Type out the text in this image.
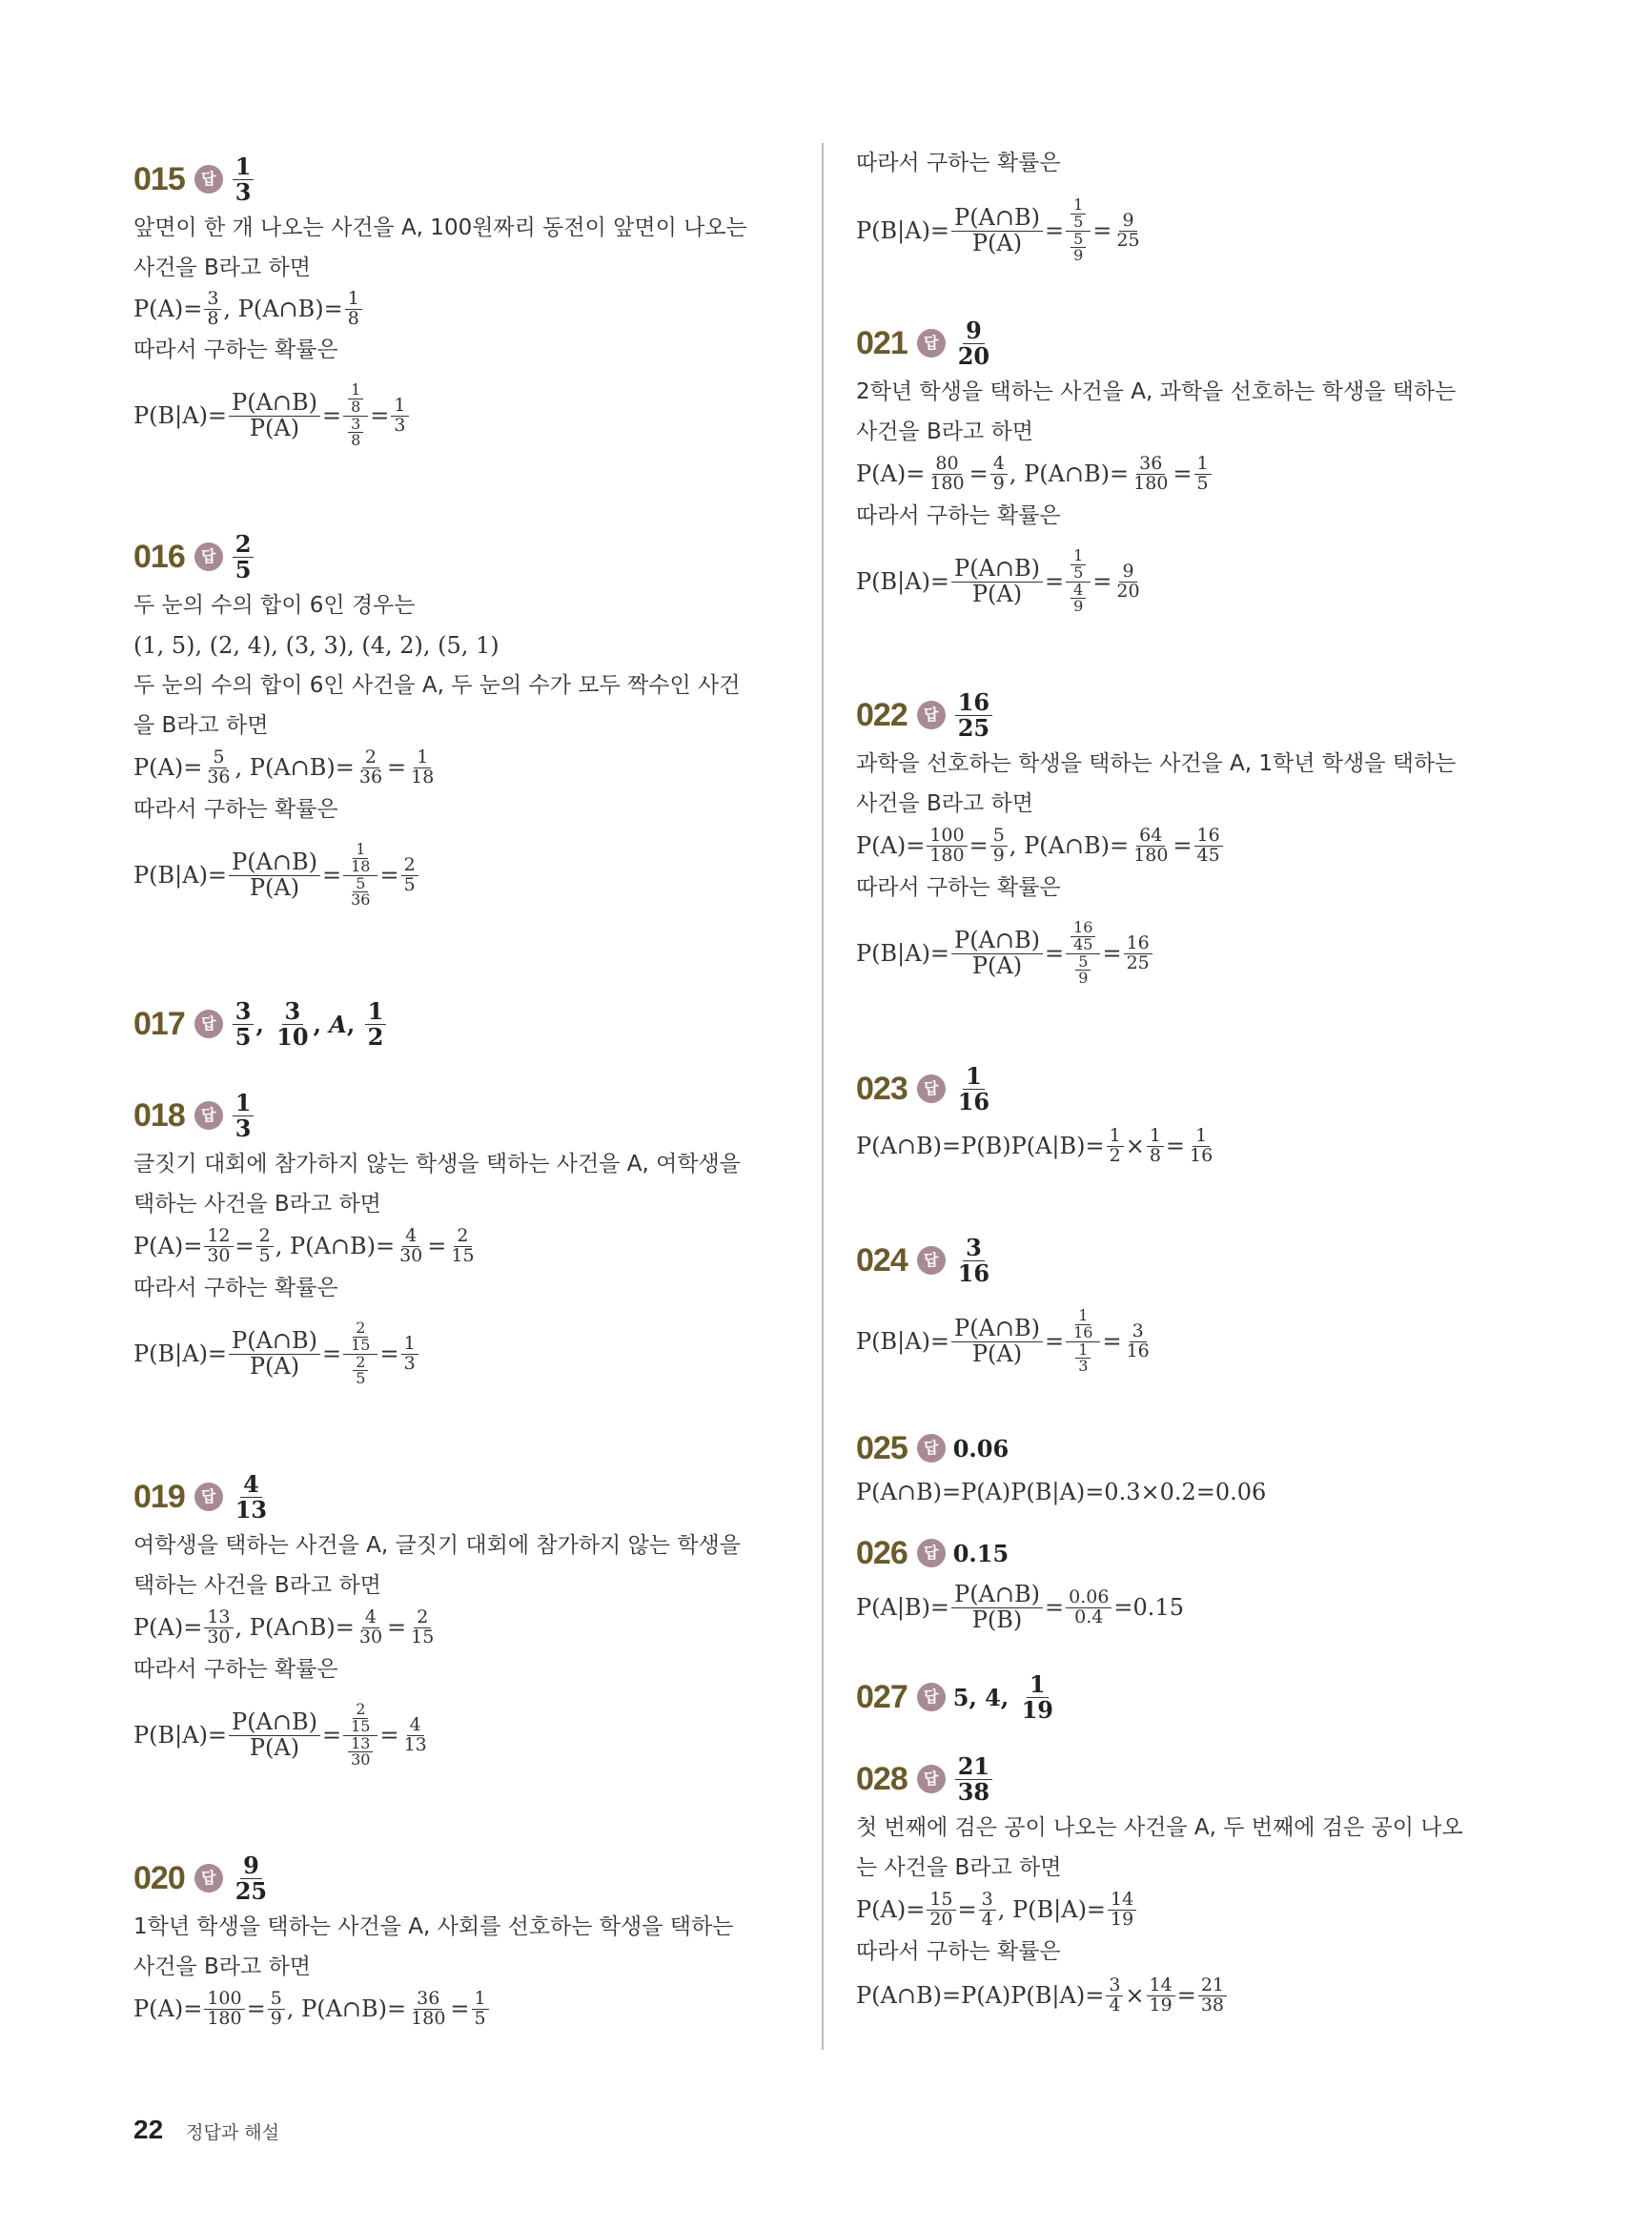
015	답 1
3
앞면이 한 개 나오는 사건을 A, 100원짜리 동전이 앞면이 나오는
사건을 B라고 하면
$P(A)= \frac{3}{8}$ ,
P(A∩B)= $\frac{1}{8}$
따라서 구하는 확률은
$P(B|A)= \frac{P(A\cap B)}{P(A)} = \frac{\frac{1}{8}}{\frac{3}{8}} = \frac{1}{3}$
016	답 2
5
두 눈의 수의 합이 6인 경우는
(1, 5), (2, 4), (3, 3), (4, 2), (5, 1)
두 눈의 수의 합이 6인 사건을 A, 두 눈의 수가 모두 짝수인 사건
을 B라고 하면
$P(A)= \frac{5}{36}$ ,
P(A∩B)= $\frac{2}{36} = \frac{1}{18}$
따라서 구하는 확률은
$P(B|A)= \frac{P(A\cap B)}{P(A)} = \frac{\frac{1}{18}}{\frac{5}{36}} = \frac{2}{5}$
017	답 3
5 , 3
10 , A , 1
2
018	답 1
3
글짓기 대회에 참가하지 않는 학생을 택하는 사건을 A, 여학생을
택하는 사건을 B라고 하면
$P(A)= \frac{12}{30} = \frac{2}{5}$ ,
P(A∩B)= $\frac{4}{30} = \frac{2}{15}$
따라서 구하는 확률은
$P(B|A)= \frac{P(A\cap B)}{P(A)} = \frac{\frac{2}{15}}{\frac{2}{5}} = \frac{1}{3}$
019	답	4
13
여학생을 택하는 사건을 A, 글짓기 대회에 참가하지 않는 학생을
택하는 사건을 B라고 하면
$P(A)= \frac{13}{30}$ ,
P(A∩B)= $\frac{4}{30} = \frac{2}{15}$
따라서 구하는 확률은
$P(B|A)= \frac{P(A\cap B)}{P(A)} = \frac{\frac{2}{15}}{\frac{13}{30}} = \frac{4}{13}$
020	답	9
25
1학년 학생을 택하는 사건을 A, 사회를 선호하는 학생을 택하는
사건을 B라고 하면
$P(A)= \frac{100}{180} = \frac{5}{9}$ ,
P(A∩B)= $\frac{36}{180} = \frac{1}{5}$
따라서 구하는 확률은
$P(B|A)= \frac{P(A\cap B)}{P(A)} = \frac{\frac{1}{5}}{\frac{5}{9}} = \frac{9}{25}$
021	답	9
20
2학년 학생을 택하는 사건을 A, 과학을 선호하는 학생을 택하는
사건을 B라고 하면
$P(A)= \frac{80}{180} = \frac{4}{9}$ ,
P(A∩B)= $\frac{36}{180} = \frac{1}{5}$
따라서 구하는 확률은
$P(B|A)= \frac{P(A\cap B)}{P(A)} = \frac{\frac{1}{5}}{\frac{4}{9}} = \frac{9}{20}$
022	답 16
25
과학을 선호하는 학생을 택하는 사건을 A, 1학년 학생을 택하는
사건을 B라고 하면
$P(A)= \frac{100}{180} = \frac{5}{9}$ ,
P(A∩B)= $\frac{64}{180} = \frac{16}{45}$
따라서 구하는 확률은
$P(B|A)= \frac{P(A\cap B)}{P(A)} = \frac{\frac{16}{45}}{\frac{5}{9}} = \frac{16}{25}$
023	답	1
16
P(A∩B)=P(B)P(A|B)= $\frac{1}{2} \times \frac{1}{8} = \frac{1}{16}$
024	답	3
16
$P(B|A)= \frac{P(A\cap B)}{P(A)} = \frac{\frac{1}{16}}{\frac{1}{3}} = \frac{3}{16}$
025	답 0.06
P(A∩B)=P(A)P(B|A)=0.3×0.2=0.06
026	답 0.15
$P(A|B)= \frac{P(A\cap B)}{P(B)} = \frac{0.06}{0.4} =0.15$
027	답 5 , 4 , 1
19
028	답 21
38
첫 번째에 검은 공이 나오는 사건을 A, 두 번째에 검은 공이 나오
는 사건을 B라고 하면
$P(A)= \frac{15}{20} = \frac{3}{4}$ ,
$P(B|A)= \frac{14}{19}$
따라서 구하는 확률은
P(A∩B)=P(A)P(B|A)= $\frac{3}{4} \times \frac{14}{19} = \frac{21}{38}$
22 정답과 해설
